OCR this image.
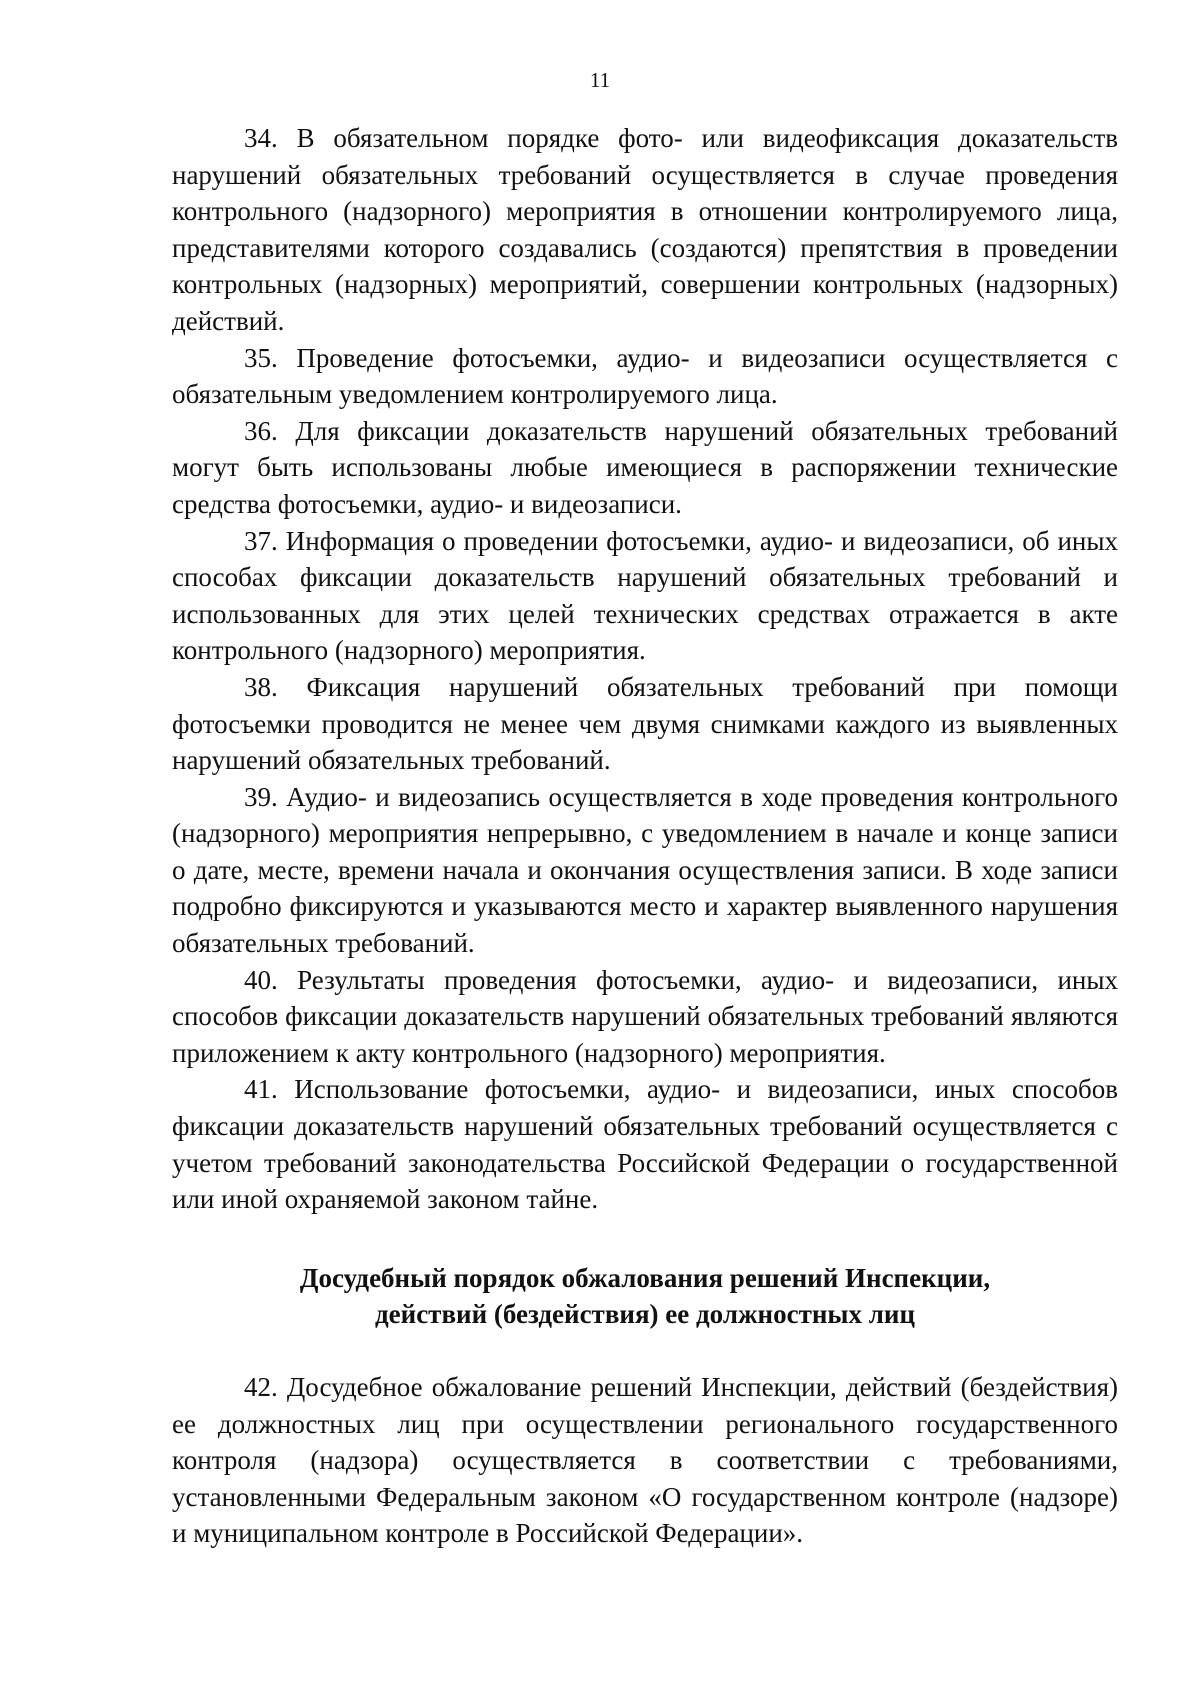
11

34. В обязательном порядке фото- или видеофиксация доказательств нарушений обязательных требований осуществляется в случае проведения контрольного (надзорного) мероприятия в отношении контролируемого лица, представителями которого создавались (создаются) препятствия в проведении контрольных (надзорных) мероприятий, совершении контрольных (надзорных) действий.

35. Проведение фотосъемки, аудио- и видеозаписи осуществляется с обязательным уведомлением контролируемого лица.

36. Для фиксации доказательств нарушений обязательных требований могут быть использованы любые имеющиеся в распоряжении технические средства фотосъемки, аудио- и видеозаписи.

37. Информация о проведении фотосъемки, аудио- и видеозаписи, об иных способах фиксации доказательств нарушений обязательных требований и использованных для этих целей технических средствах отражается в акте контрольного (надзорного) мероприятия.

38. Фиксация нарушений обязательных требований при помощи фотосъемки проводится не менее чем двумя снимками каждого из выявленных нарушений обязательных требований.

39. Аудио- и видеозапись осуществляется в ходе проведения контрольного (надзорного) мероприятия непрерывно, с уведомлением в начале и конце записи о дате, месте, времени начала и окончания осуществления записи. В ходе записи подробно фиксируются и указываются место и характер выявленного нарушения обязательных требований.

40. Результаты проведения фотосъемки, аудио- и видеозаписи, иных способов фиксации доказательств нарушений обязательных требований являются приложением к акту контрольного (надзорного) мероприятия.

41. Использование фотосъемки, аудио- и видеозаписи, иных способов фиксации доказательств нарушений обязательных требований осуществляется с учетом требований законодательства Российской Федерации о государственной или иной охраняемой законом тайне.

Досудебный порядок обжалования решений Инспекции,
действий (бездействия) ее должностных лиц

42. Досудебное обжалование решений Инспекции, действий (бездействия) ее должностных лиц при осуществлении регионального государственного контроля (надзора) осуществляется в соответствии с требованиями, установленными Федеральным законом «О государственном контроле (надзоре) и муниципальном контроле в Российской Федерации».
